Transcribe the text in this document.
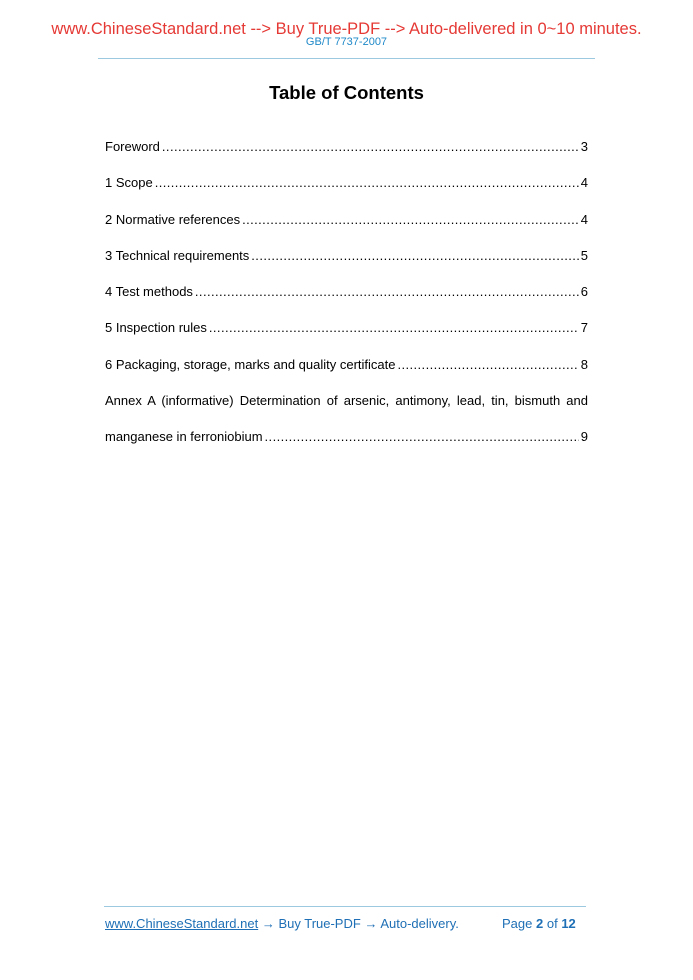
www.ChineseStandard.net --> Buy True-PDF --> Auto-delivered in 0~10 minutes.
GB/T 7737-2007
Table of Contents
Foreword .....	3
1 Scope .....	4
2 Normative references .....	4
3 Technical requirements .....	5
4 Test methods .....	6
5 Inspection rules .....	7
6 Packaging, storage, marks and quality certificate .....	8
Annex A (informative) Determination of arsenic, antimony, lead, tin, bismuth and
manganese in ferroniobium .....	9
www.ChineseStandard.net → Buy True-PDF → Auto-delivery.	Page 2 of 12
